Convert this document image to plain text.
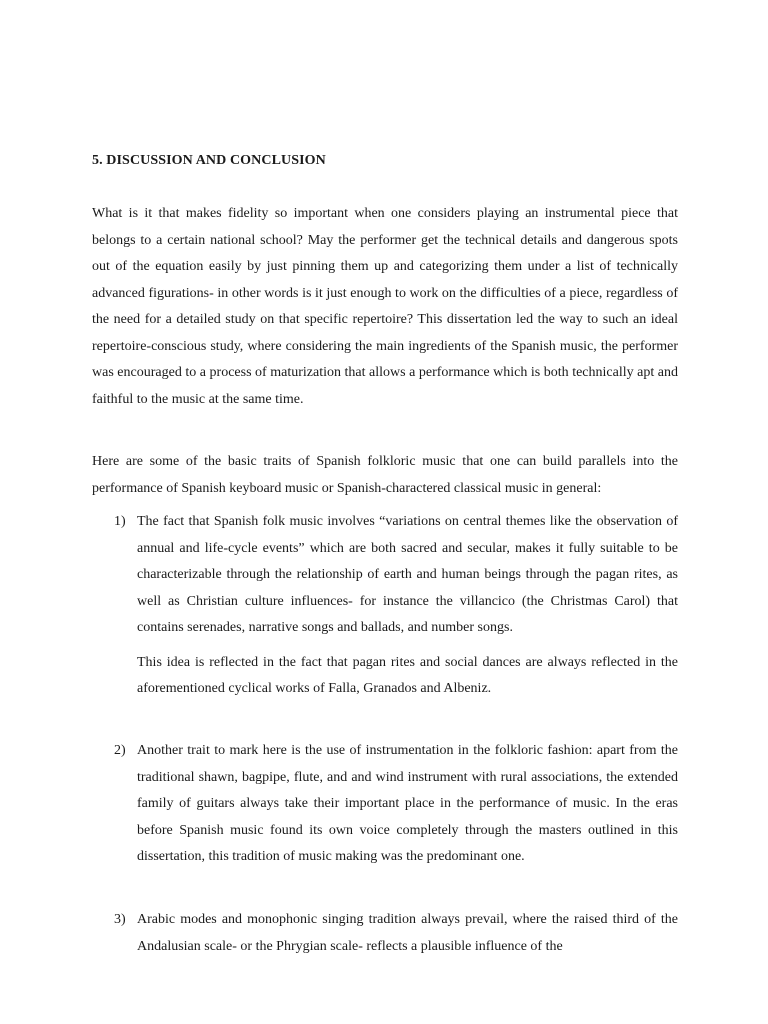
5. DISCUSSION AND CONCLUSION

What is it that makes fidelity so important when one considers playing an instrumental piece that belongs to a certain national school? May the performer get the technical details and dangerous spots out of the equation easily by just pinning them up and categorizing them under a list of technically advanced figurations- in other words is it just enough to work on the difficulties of a piece, regardless of the need for a detailed study on that specific repertoire? This dissertation led the way to such an ideal repertoire-conscious study, where considering the main ingredients of the Spanish music, the performer was encouraged to a process of maturization that allows a performance which is both technically apt and faithful to the music at the same time.

Here are some of the basic traits of Spanish folkloric music that one can build parallels into the performance of Spanish keyboard music or Spanish-charactered classical music in general:

1) The fact that Spanish folk music involves “variations on central themes like the observation of annual and life-cycle events” which are both sacred and secular, makes it fully suitable to be characterizable through the relationship of earth and human beings through the pagan rites, as well as Christian culture influences- for instance the villancico (the Christmas Carol) that contains serenades, narrative songs and ballads, and number songs.
This idea is reflected in the fact that pagan rites and social dances are always reflected in the aforementioned cyclical works of Falla, Granados and Albeniz.
2) Another trait to mark here is the use of instrumentation in the folkloric fashion: apart from the traditional shawn, bagpipe, flute, and and wind instrument with rural associations, the extended family of guitars always take their important place in the performance of music. In the eras before Spanish music found its own voice completely through the masters outlined in this dissertation, this tradition of music making was the predominant one.
3) Arabic modes and monophonic singing tradition always prevail, where the raised third of the Andalusian scale- or the Phrygian scale- reflects a plausible influence of the
